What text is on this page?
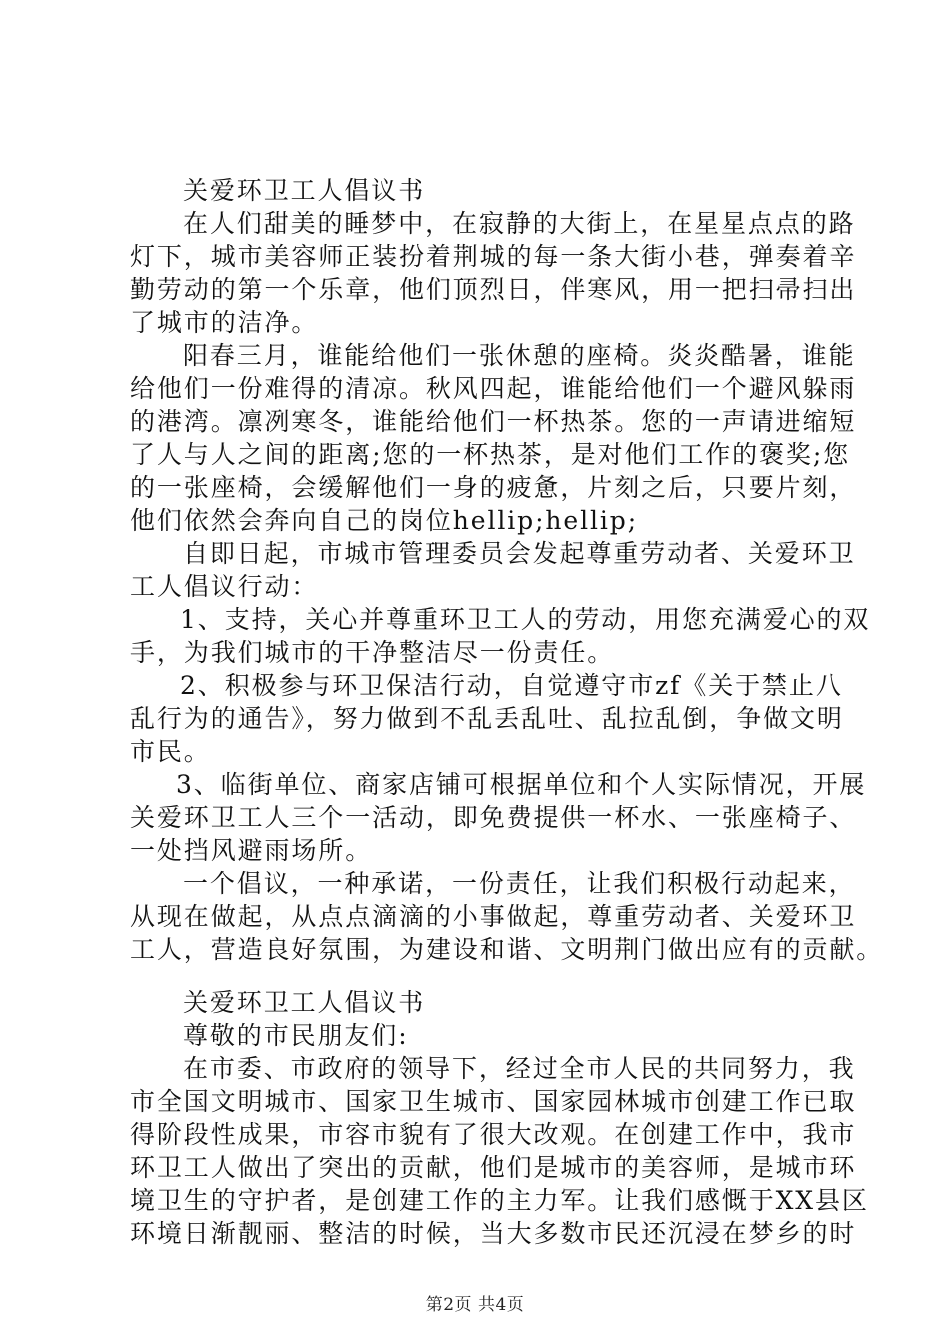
关爱环卫工人倡议书
在人们甜美的睡梦中，在寂静的大街上，在星星点点的路
灯下，城市美容师正装扮着荆城的每一条大街小巷，弹奏着辛
勤劳动的第一个乐章，他们顶烈日，伴寒风，用一把扫帚扫出
了城市的洁净。
阳春三月，谁能给他们一张休憩的座椅。炎炎酷暑，谁能
给他们一份难得的清凉。秋风四起，谁能给他们一个避风躲雨
的港湾。凛冽寒冬，谁能给他们一杯热茶。您的一声请进缩短
了人与人之间的距离;您的一杯热茶，是对他们工作的褒奖;您
的一张座椅，会缓解他们一身的疲惫，片刻之后，只要片刻，
他们依然会奔向自己的岗位hellip;hellip;
自即日起，市城市管理委员会发起尊重劳动者、关爱环卫
工人倡议行动：
1、支持，关心并尊重环卫工人的劳动，用您充满爱心的双
手，为我们城市的干净整洁尽一份责任。
2、积极参与环卫保洁行动，自觉遵守市zf《关于禁止八
乱行为的通告》，努力做到不乱丢乱吐、乱拉乱倒，争做文明
市民。
3、临街单位、商家店铺可根据单位和个人实际情况，开展
关爱环卫工人三个一活动，即免费提供一杯水、一张座椅子、
一处挡风避雨场所。
一个倡议，一种承诺，一份责任，让我们积极行动起来，
从现在做起，从点点滴滴的小事做起，尊重劳动者、关爱环卫
工人，营造良好氛围，为建设和谐、文明荆门做出应有的贡献。
关爱环卫工人倡议书
尊敬的市民朋友们:
在市委、市政府的领导下，经过全市人民的共同努力，我
市全国文明城市、国家卫生城市、国家园林城市创建工作已取
得阶段性成果，市容市貌有了很大改观。在创建工作中，我市
环卫工人做出了突出的贡献，他们是城市的美容师，是城市环
境卫生的守护者，是创建工作的主力军。让我们感慨于XX县区
环境日渐靓丽、整洁的时候，当大多数市民还沉浸在梦乡的时
第2页 共4页
